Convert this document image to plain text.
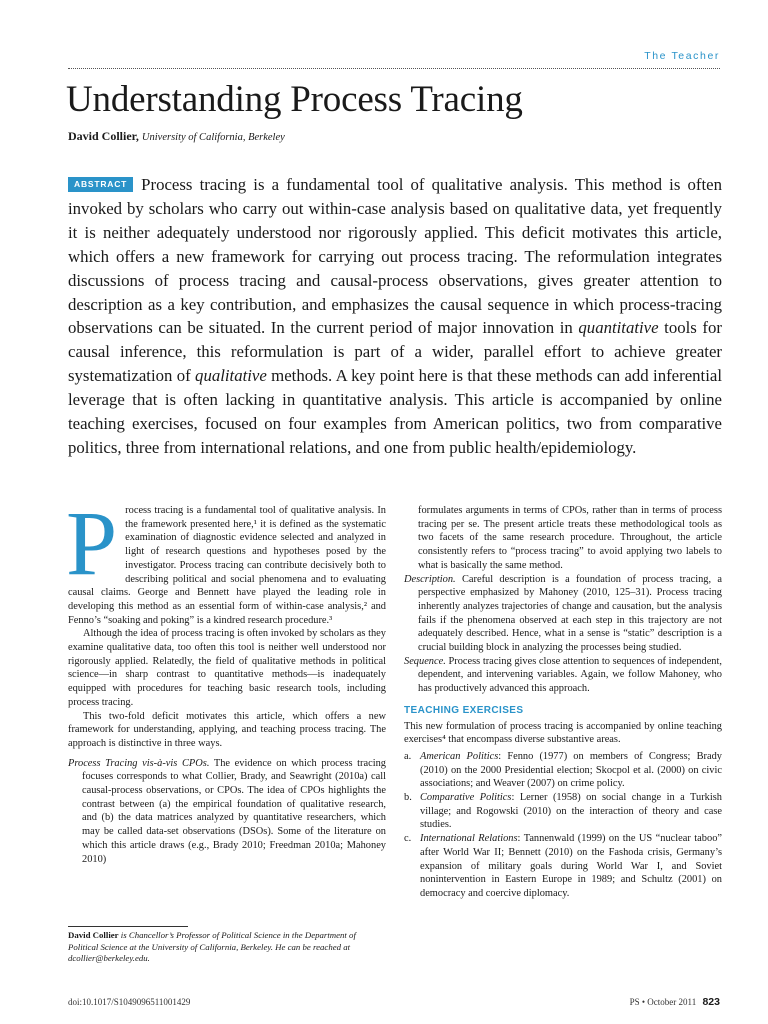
The Teacher
Understanding Process Tracing
David Collier, University of California, Berkeley

ABSTRACT Process tracing is a fundamental tool of qualitative analysis. This method is often invoked by scholars who carry out within-case analysis based on qualitative data, yet frequently it is neither adequately understood nor rigorously applied. This deficit motivates this article, which offers a new framework for carrying out process tracing. The reformulation integrates discussions of process tracing and causal-process observations, gives greater attention to description as a key contribution, and emphasizes the causal sequence in which process-tracing observations can be situated. In the current period of major innovation in quantitative tools for causal inference, this reformulation is part of a wider, parallel effort to achieve greater systematization of qualitative methods. A key point here is that these methods can add inferential leverage that is often lacking in quantitative analysis. This article is accompanied by online teaching exercises, focused on four examples from American politics, two from comparative politics, three from international relations, and one from public health/epidemiology.

Process tracing is a fundamental tool of qualitative analysis. In the framework presented here,¹ it is defined as the systematic examination of diagnostic evidence selected and analyzed in light of research questions and hypotheses posed by the investigator. Process tracing can contribute decisively both to describing political and social phenomena and to evaluating causal claims. George and Bennett have played the leading role in developing this method as an essential form of within-case analysis,² and Fenno’s “soaking and poking” is a kindred research procedure.³

Although the idea of process tracing is often invoked by scholars as they examine qualitative data, too often this tool is neither well understood nor rigorously applied. Relatedly, the field of qualitative methods in political science—in sharp contrast to quantitative methods—is inadequately equipped with procedures for teaching basic research tools, including process tracing.

This two-fold deficit motivates this article, which offers a new framework for understanding, applying, and teaching process tracing. The approach is distinctive in three ways.

Process Tracing vis-à-vis CPOs. The evidence on which process tracing focuses corresponds to what Collier, Brady, and Seawright (2010a) call causal-process observations, or CPOs. The idea of CPOs highlights the contrast between (a) the empirical foundation of qualitative research, and (b) the data matrices analyzed by quantitative researchers, which may be called data-set observations (DSOs). Some of the literature on which this article draws (e.g., Brady 2010; Freedman 2010a; Mahoney 2010)

formulates arguments in terms of CPOs, rather than in terms of process tracing per se. The present article treats these methodological tools as two facets of the same research procedure. Throughout, the article consistently refers to “process tracing” to avoid applying two labels to what is basically the same method.

Description. Careful description is a foundation of process tracing, a perspective emphasized by Mahoney (2010, 125–31). Process tracing inherently analyzes trajectories of change and causation, but the analysis fails if the phenomena observed at each step in this trajectory are not adequately described. Hence, what in a sense is “static” description is a crucial building block in analyzing the processes being studied.

Sequence. Process tracing gives close attention to sequences of independent, dependent, and intervening variables. Again, we follow Mahoney, who has productively advanced this approach.

TEACHING EXERCISES

This new formulation of process tracing is accompanied by online teaching exercises⁴ that encompass diverse substantive areas.

a. American Politics: Fenno (1977) on members of Congress; Brady (2010) on the 2000 Presidential election; Skocpol et al. (2000) on civic associations; and Weaver (2007) on crime policy.

b. Comparative Politics: Lerner (1958) on social change in a Turkish village; and Rogowski (2010) on the interaction of theory and case studies.

c. International Relations: Tannenwald (1999) on the US “nuclear taboo” after World War II; Bennett (2010) on the Fashoda crisis, Germany’s expansion of military goals during World War I, and Soviet nonintervention in Eastern Europe in 1989; and Schultz (2001) on democracy and coercive diplomacy.

David Collier is Chancellor’s Professor of Political Science in the Department of Political Science at the University of California, Berkeley. He can be reached at dcollier@berkeley.edu.

doi:10.1017/S1049096511001429	PS • October 2011 823
